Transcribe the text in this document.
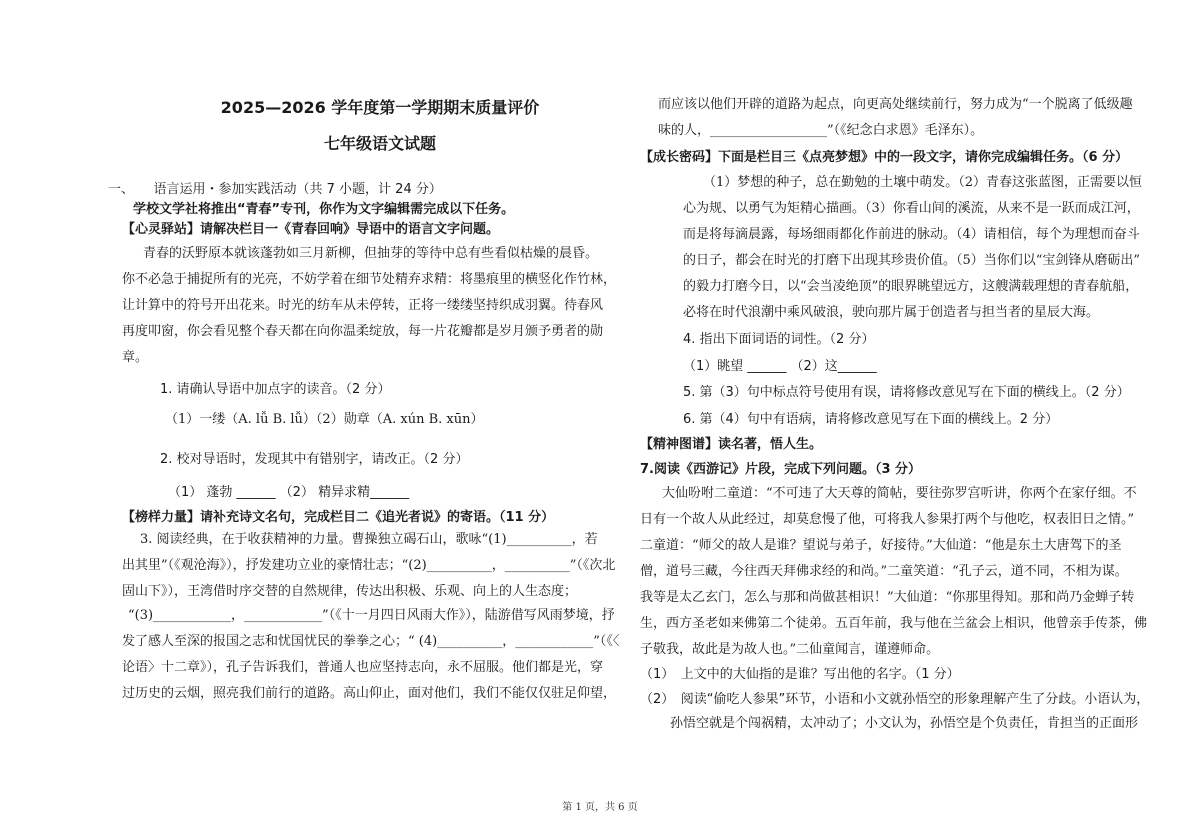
2025—2026 学年度第一学期期末质量评价
七年级语文试题
一、　　语言运用・参加实践活动（共 7 小题，计 24 分）
学校文学社将推出“青春”专刊，你作为文字编辑需完成以下任务。
【心灵驿站】请解决栏目一《青春回响》导语中的语言文字问题。
青春的沃野原本就该蓬勃如三月新柳，但抽芽的等待中总有些看似枯燥的晨昏。
你不必急于捕捉所有的光亮，不妨学着在细节处精弃求精：将墨痕里的横竖化作竹林，
让计算中的符号开出花来。时光的纺车从未停转，正将一缕缕坚持织成羽翼。待春风
再度叩窗，你会看见整个春天都在向你温柔绽放，每一片花瓣都是岁月颁予勇者的勋
章。
1. 请确认导语中加点字的读音。（2 分）
（1）一缕（A. lǚ B. lǚ）（2）勋章（A. xún B. xūn）
2. 校对导语时，发现其中有错别字，请改正。（2 分）
（1） 蓬勃 ______ （2） 精异求精______
【榜样力量】请补充诗文名句，完成栏目二《追光者说》的寄语。（11 分）
3. 阅读经典，在于收获精神的力量。曹操独立碣石山，歌咏“(1)__________，若
出其里”（《观沧海》），抒发建功立业的豪情壮志；“(2)__________，__________”（《次北
固山下》），王湾借时序交替的自然规律，传达出积极、乐观、向上的人生态度；
“(3)____________，____________”（《十一月四日风雨大作》），陆游借写风雨梦境，抒
发了感人至深的报国之志和忧国忧民的拳拳之心；“ (4)__________，____________”（《〈
论语〉十二章》），孔子告诉我们，普通人也应坚持志向，永不屈服。他们都是光，穿
过历史的云烟，照亮我们前行的道路。高山仰止，面对他们，我们不能仅仅驻足仰望，
而应该以他们开辟的道路为起点，向更高处继续前行，努力成为“一个脱离了低级趣
味的人，__________________”（《纪念白求恩》毛泽东）。
【成长密码】下面是栏目三《点亮梦想》中的一段文字，请你完成编辑任务。（6 分）
（1）梦想的种子，总在勤勉的土壤中萌发。（2）青春这张蓝图，正需要以恒
心为规、以勇气为矩精心描画。（3）你看山间的溪流，从来不是一跃而成江河，
而是将每滴晨露，每场细雨都化作前进的脉动。（4）请相信，每个为理想而奋斗
的日子，都会在时光的打磨下出现其珍贵价值。（5）当你们以“宝剑锋从磨砺出”
的毅力打磨今日，以“会当凌绝顶”的眼界眺望远方，这艘满载理想的青春航船，
必将在时代浪潮中乘风破浪，驶向那片属于创造者与担当者的星辰大海。
4. 指出下面词语的词性。（2 分）
（1）眺望 ______ （2）这______
5. 第（3）句中标点符号使用有误，请将修改意见写在下面的横线上。（2 分）
6. 第（4）句中有语病，请将修改意见写在下面的横线上。2 分）
【精神图谱】读名著，悟人生。
7.阅读《西游记》片段，完成下列问题。（3 分）
大仙吩咐二童道：“不可违了大天尊的简帖，要往弥罗宫听讲，你两个在家仔细。不
日有一个故人从此经过，却莫怠慢了他，可将我人参果打两个与他吃，权表旧日之情。”
二童道：“师父的故人是谁？望说与弟子，好接待。”大仙道：“他是东土大唐驾下的圣
僧，道号三藏，今往西天拜佛求经的和尚。”二童笑道：“孔子云，道不同，不相为谋。
我等是太乙玄门，怎么与那和尚做甚相识！”大仙道：“你那里得知。那和尚乃金蝉子转
生，西方圣老如来佛第二个徒弟。五百年前，我与他在兰盆会上相识，他曾亲手传茶，佛
子敬我，故此是为故人也。”二仙童闻言，谨遵师命。
（1）　上文中的大仙指的是谁？写出他的名字。（1 分）
（2）　阅读“偷吃人参果”环节，小语和小文就孙悟空的形象理解产生了分歧。小语认为，
孙悟空就是个闯祸精，太冲动了；小文认为，孙悟空是个负责任，肯担当的正面形
第 1 页，共 6 页
